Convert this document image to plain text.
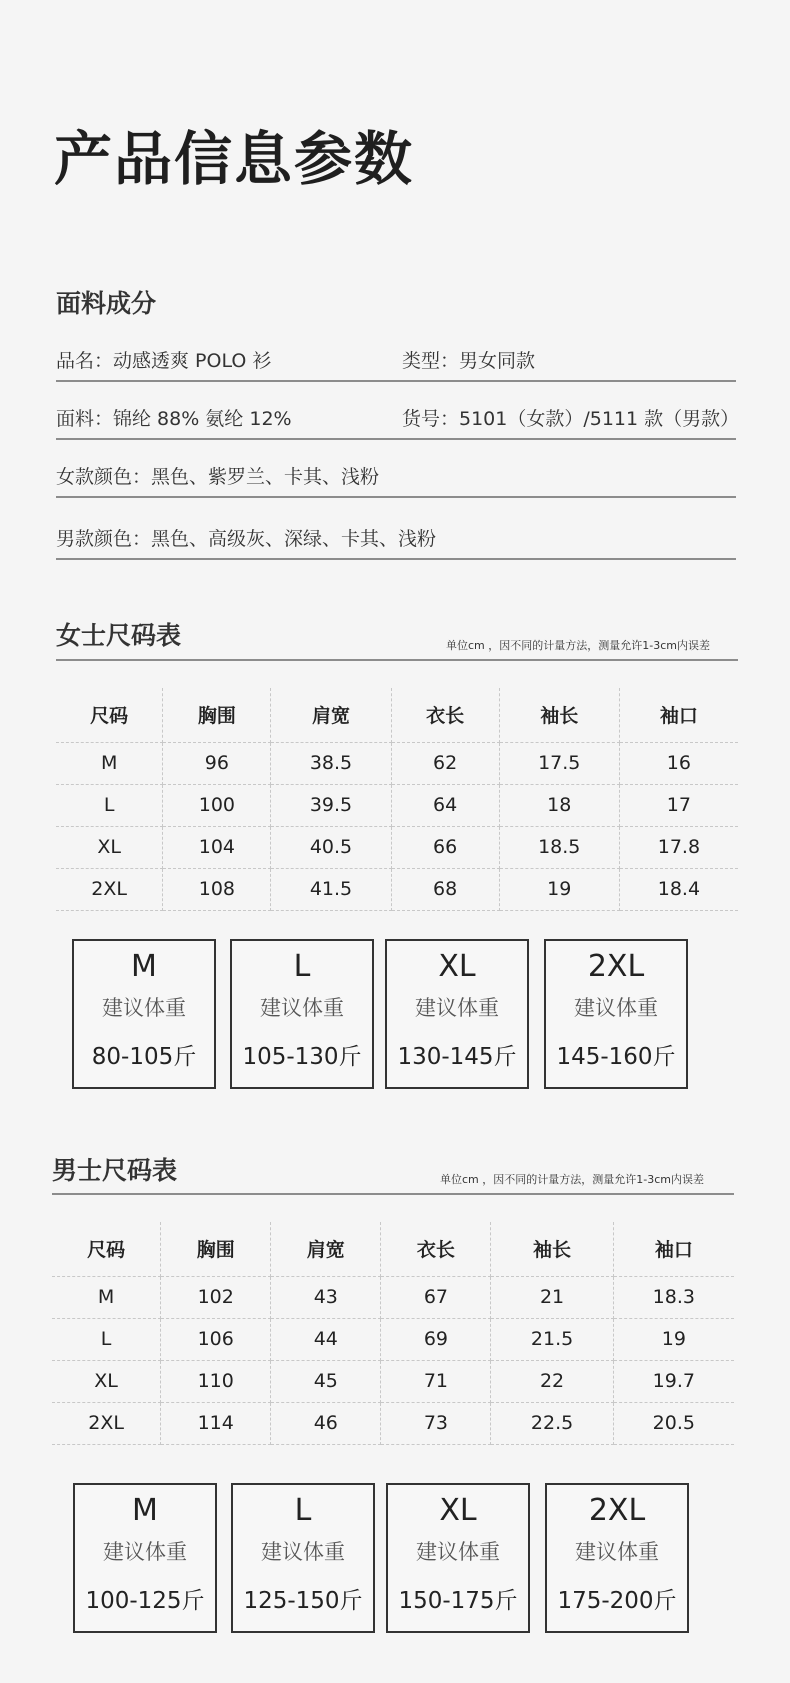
产品信息参数
面料成分
品名：动感透爽 POLO 衫	类型：男女同款
面料：锦纶 88% 氨纶 12%	货号：5101（女款）/5111 款（男款）
女款颜色：黑色、紫罗兰、卡其、浅粉
男款颜色：黑色、高级灰、深绿、卡其、浅粉
女士尺码表	单位cm ，因不同的计量方法，测量允许1-3cm内误差
尺码	胸围	肩宽	衣长	袖长	袖口
M	96	38.5	62	17.5	16
L	100	39.5	64	18	17
XL	104	40.5	66	18.5	17.8
2XL	108	41.5	68	19	18.4
M
建议体重
80-105斤
L
建议体重
105-130斤
XL
建议体重
130-145斤
2XL
建议体重
145-160斤
男士尺码表	单位cm ，因不同的计量方法，测量允许1-3cm内误差
尺码	胸围	肩宽	衣长	袖长	袖口
M	102	43	67	21	18.3
L	106	44	69	21.5	19
XL	110	45	71	22	19.7
2XL	114	46	73	22.5	20.5
M
建议体重
100-125斤
L
建议体重
125-150斤
XL
建议体重
150-175斤
2XL
建议体重
175-200斤
